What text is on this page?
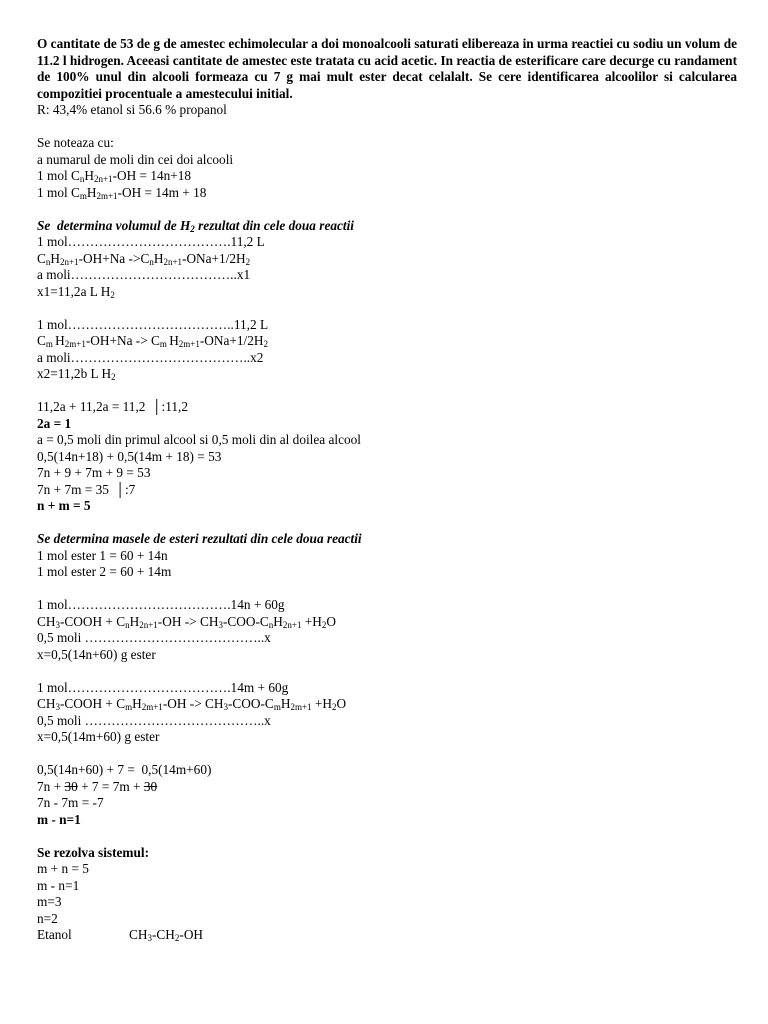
O cantitate de 53 de g de amestec echimolecular a doi monoalcooli saturati elibereaza in urma reactiei cu sodiu un volum de 11.2 l hidrogen. Aceeasi cantitate de amestec este tratata cu acid acetic. In reactia de esterificare care decurge cu randament de 100% unul din alcooli formeaza cu 7 g mai mult ester decat celalalt. Se cere identificarea alcoolilor si calcularea compozitiei procentuale a amestecului initial.
R: 43,4% etanol si 56.6 % propanol
Se noteaza cu:
a numarul de moli din cei doi alcooli
1 mol $C_nH_{2n+1}-OH = 14n+18$
1 mol $C_mH_{2m+1}-OH = 14m + 18$
Se  determina volumul de $H_2$ rezultat din cele doua reactii
1 mol……………………………….11,2 L
$C_nH_{2n+1}-OH+Na$ $->C_nH_{2n+1}-ONa+1/2H_2$
a moli………………………………..x1
x1=11,2a L $H_2$
1 mol………………………………..11,2 L
$C_m$ $H_{2m+1}-OH+Na -> C_m$ $H_{2m+1}-ONa+1/2H_2$
a moli…………………………………..x2
x2=11,2b L $H_2$
11,2a + 11,2a = 11,2  │:11,2
2a = 1
a = 0,5 moli din primul alcool si 0,5 moli din al doilea alcool
0,5(14n+18) + 0,5(14m + 18) = 53
7n + 9 + 7m + 9 = 53
7n + 7m = 35  │:7
n + m = 5
Se determina masele de esteri rezultati din cele doua reactii
1 mol ester 1 = 60 + 14n
1 mol ester 2 = 60 + 14m
1 mol……………………………….14n + 60g
$CH_3$-COOH + $C_nH_{2n+1}-OH -> CH_3-COO-C_nH_{2n+1} +H_2O$
0,5 moli …………………………………..x
x=0,5(14n+60) g ester
1 mol……………………………….14m + 60g
$CH_3$-COOH + $C_mH_{2m+1}-OH -> CH_3-COO-C_mH_{2m+1} +H_2O$
0,5 moli …………………………………..x
x=0,5(14m+60) g ester
0,5(14n+60) + 7 =  0,5(14m+60)
7n + 30 + 7 = 7m + 30
7n - 7m = -7
m - n=1
Se rezolva sistemul:
m + n = 5
m - n=1
m=3
n=2
Etanol	$CH_3-CH_2-OH$
